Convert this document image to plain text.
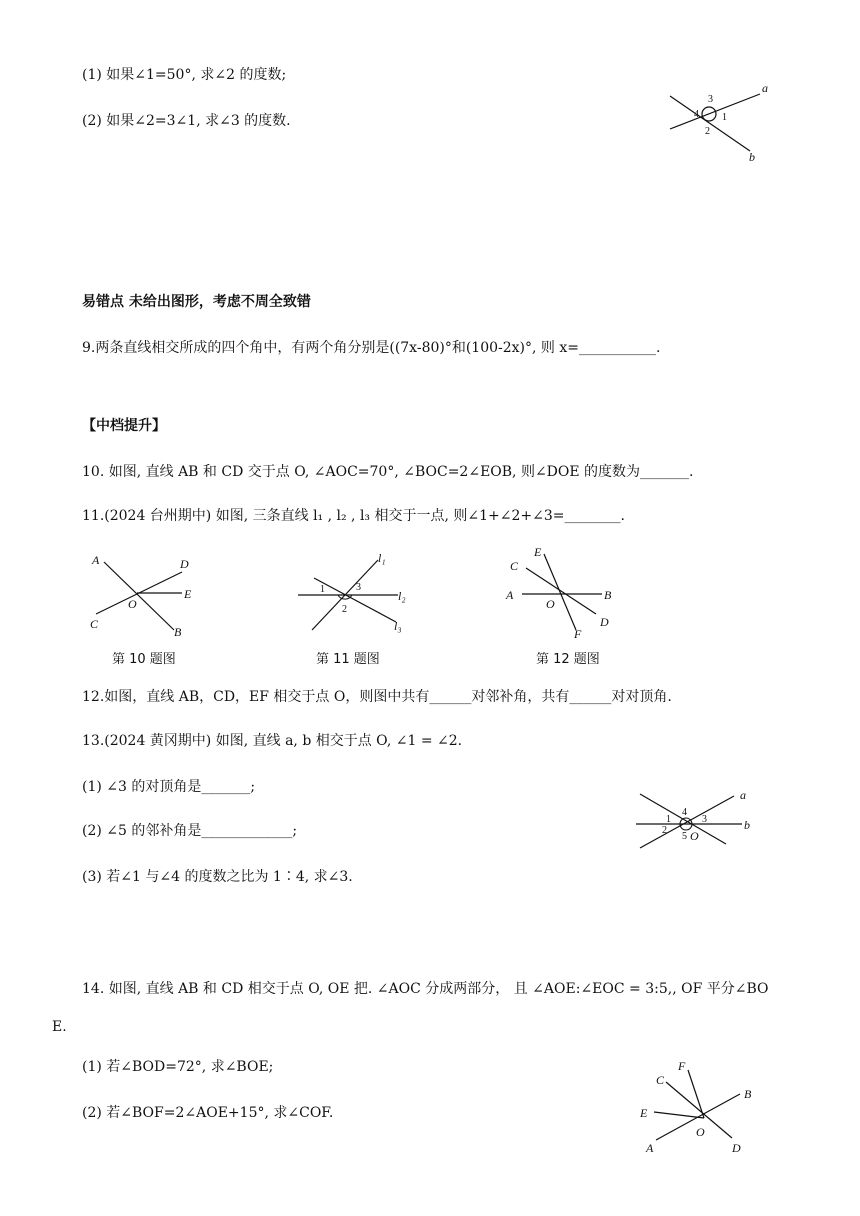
(1) 如果∠1=50°, 求∠2 的度数;
(2) 如果∠2=3∠1, 求∠3 的度数.
a
b
3
4 1
2
易错点 未给出图形，考虑不周全致错
9.两条直线相交所成的四个角中，有两个角分别是((7x-80)°和(100-2x)°, 则 x=___________.
【中档提升】
10. 如图, 直线 AB 和 CD 交于点 O, ∠AOC=70°, ∠BOC=2∠EOB, 则∠DOE 的度数为_______.
11.(2024 台州期中) 如图, 三条直线 l₁ , l₂ , l₃ 相交于一点, 则∠1+∠2+∠3=________.
A	D
E
O
C
B
第 10 题图
l₁
l₂
l₃
1	3
2
第 11 题图
E
C
A	B
O
D
F
第 12 题图
12.如图，直线 AB，CD，EF 相交于点 O，则图中共有______对邻补角，共有______对对顶角.
13.(2024 黄冈期中) 如图, 直线 a, b 相交于点 O, ∠1 = ∠2.
(1) ∠3 的对顶角是_______;
(2) ∠5 的邻补角是_____________;
(3) 若∠1 与∠4 的度数之比为 1∶4, 求∠3.
a
b
4
1
2
3
5 O
14. 如图, 直线 AB 和 CD 相交于点 O, OE 把. ∠AOC 分成两部分， 且 ∠AOE:∠EOC = 3:5,, OF 平分∠BO
E.
(1) 若∠BOD=72°, 求∠BOE;
(2) 若∠BOF=2∠AOE+15°, 求∠COF.
F
C
B
E
O
A	D
